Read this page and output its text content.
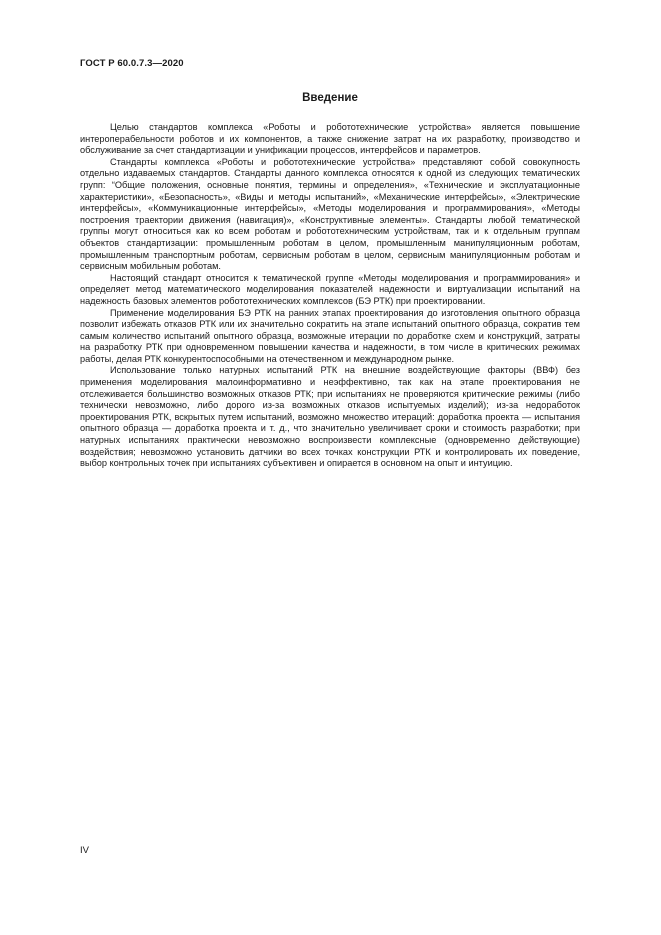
ГОСТ Р 60.0.7.3—2020
Введение

Целью стандартов комплекса «Роботы и робототехнические устройства» является повышение интероперабельности роботов и их компонентов, а также снижение затрат на их разработку, производство и обслуживание за счет стандартизации и унификации процессов, интерфейсов и параметров.

Стандарты комплекса «Роботы и робототехнические устройства» представляют собой совокупность отдельно издаваемых стандартов. Стандарты данного комплекса относятся к одной из следующих тематических групп: “Общие положения, основные понятия, термины и определения», «Технические и эксплуатационные характеристики», «Безопасность», «Виды и методы испытаний», «Механические интерфейсы», «Электрические интерфейсы», «Коммуникационные интерфейсы», «Методы моделирования и программирования», «Методы построения траектории движения (навигация)», «Конструктивные элементы». Стандарты любой тематической группы могут относиться как ко всем роботам и робототехническим устройствам, так и к отдельным группам объектов стандартизации: промышленным роботам в целом, промышленным манипуляционным роботам, промышленным транспортным роботам, сервисным роботам в целом, сервисным манипуляционным роботам и сервисным мобильным роботам.

Настоящий стандарт относится к тематической группе «Методы моделирования и программирования» и определяет метод математического моделирования показателей надежности и виртуализации испытаний на надежность базовых элементов робототехнических комплексов (БЭ РТК) при проектировании.

Применение моделирования БЭ РТК на ранних этапах проектирования до изготовления опытного образца позволит избежать отказов РТК или их значительно сократить на этапе испытаний опытного образца, сократив тем самым количество испытаний опытного образца, возможные итерации по доработке схем и конструкций, затраты на разработку РТК при одновременном повышении качества и надежности, в том числе в критических режимах работы, делая РТК конкурентоспособными на отечественном и международном рынке.

Использование только натурных испытаний РТК на внешние воздействующие факторы (ВВФ) без применения моделирования малоинформативно и неэффективно, так как на этапе проектирования не отслеживается большинство возможных отказов РТК; при испытаниях не проверяются критические режимы (либо технически невозможно, либо дорого из-за возможных отказов испытуемых изделий); из-за недоработок проектирования РТК, вскрытых путем испытаний, возможно множество итераций: доработка проекта — испытания опытного образца — доработка проекта и т. д., что значительно увеличивает сроки и стоимость разработки; при натурных испытаниях практически невозможно воспроизвести комплексные (одновременно действующие) воздействия; невозможно установить датчики во всех точках конструкции РТК и контролировать их поведение, выбор контрольных точек при испытаниях субъективен и опирается в основном на опыт и интуицию.

IV
